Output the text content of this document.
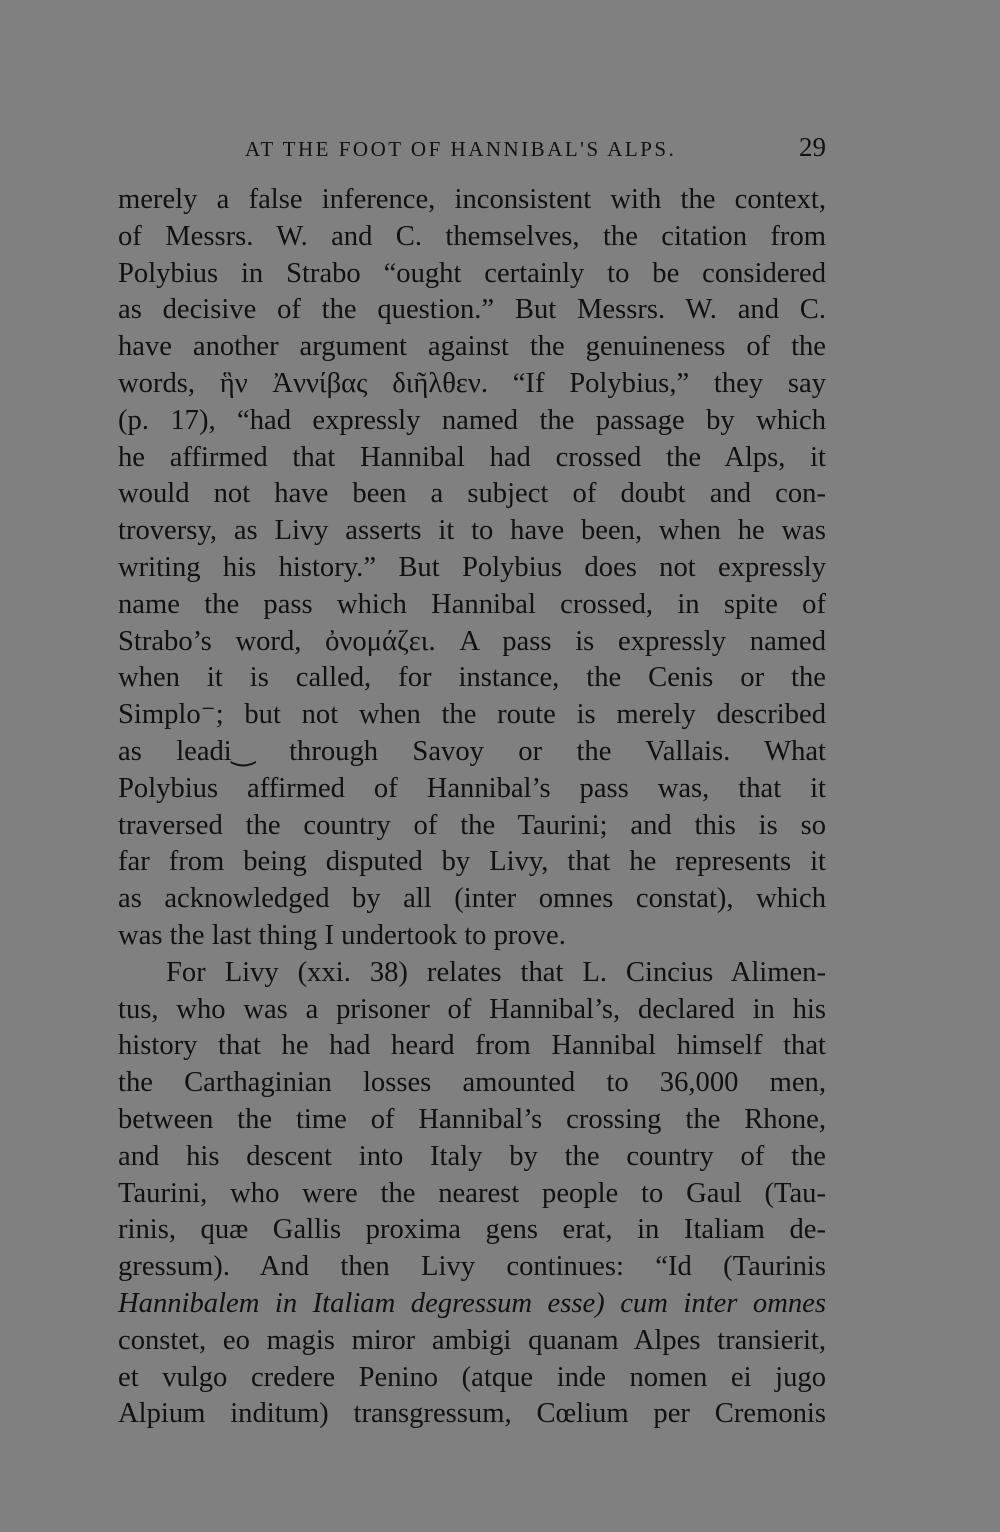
AT THE FOOT OF HANNIBAL'S ALPS.	29
merely a false inference, inconsistent with the context,
of Messrs. W. and C. themselves, the citation from
Polybius in Strabo “ought certainly to be considered
as decisive of the question.” But Messrs. W. and C.
have another argument against the genuineness of the
words, ἣν Ἀννίβας διῆλθεν. “If Polybius,” they say
(p. 17), “had expressly named the passage by which
he affirmed that Hannibal had crossed the Alps, it
would not have been a subject of doubt and con-
troversy, as Livy asserts it to have been, when he was
writing his history.” But Polybius does not expressly
name the pass which Hannibal crossed, in spite of
Strabo’s word, ὀνομάζει. A pass is expressly named
when it is called, for instance, the Cenis or the
Simplo⁻; but not when the route is merely described
as leadi‿ through Savoy or the Vallais. What
Polybius affirmed of Hannibal’s pass was, that it
traversed the country of the Taurini; and this is so
far from being disputed by Livy, that he represents it
as acknowledged by all (inter omnes constat), which
was the last thing I undertook to prove.
For Livy (xxi. 38) relates that L. Cincius Alimen-
tus, who was a prisoner of Hannibal’s, declared in his
history that he had heard from Hannibal himself that
the Carthaginian losses amounted to 36,000 men,
between the time of Hannibal’s crossing the Rhone,
and his descent into Italy by the country of the
Taurini, who were the nearest people to Gaul (Tau-
rinis, quæ Gallis proxima gens erat, in Italiam de-
gressum). And then Livy continues: “Id (Taurinis
Hannibalem in Italiam degressum esse) cum inter omnes
constet, eo magis miror ambigi quanam Alpes transierit,
et vulgo credere Penino (atque inde nomen ei jugo
Alpium inditum) transgressum, Cœlium per Cremonis
